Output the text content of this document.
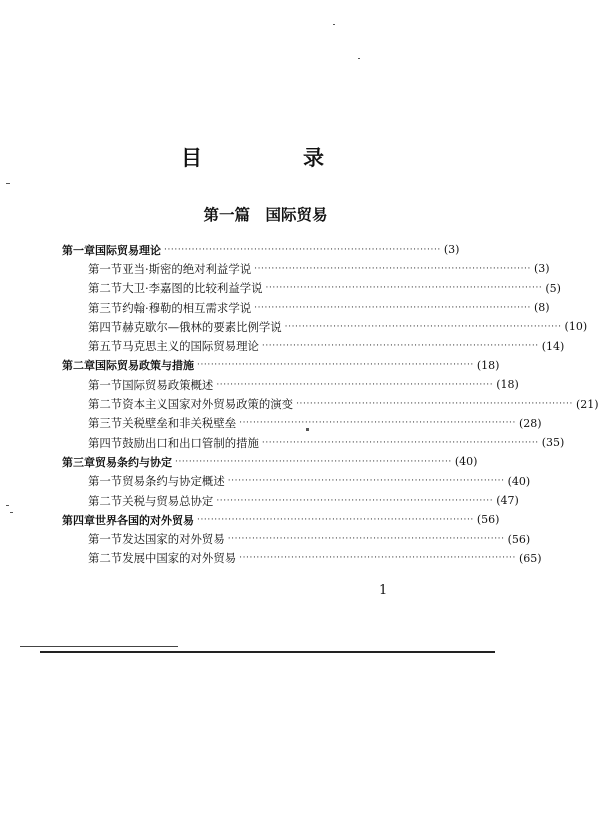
目　录
第一篇　国际贸易
第一章 国际贸易理论 ················································································ (3)
第一节 亚当·斯密的绝对利益学说 ················································································ (3)
第二节 大卫·李嘉图的比较利益学说 ················································································ (5)
第三节 约翰·穆勒的相互需求学说 ················································································ (8)
第四节 赫克歇尔—俄林的要素比例学说 ················································································ (10)
第五节 马克思主义的国际贸易理论 ················································································ (14)
第二章 国际贸易政策与措施 ················································································ (18)
第一节 国际贸易政策概述 ················································································ (18)
第二节 资本主义国家对外贸易政策的演变 ················································································ (21)
第三节 关税壁垒和非关税壁垒 ················································································ (28)
第四节 鼓励出口和出口管制的措施 ················································································ (35)
第三章 贸易条约与协定 ················································································ (40)
第一节 贸易条约与协定概述 ················································································ (40)
第二节 关税与贸易总协定 ················································································ (47)
第四章 世界各国的对外贸易 ················································································ (56)
第一节 发达国家的对外贸易 ················································································ (56)
第二节 发展中国家的对外贸易 ················································································ (65)
1
